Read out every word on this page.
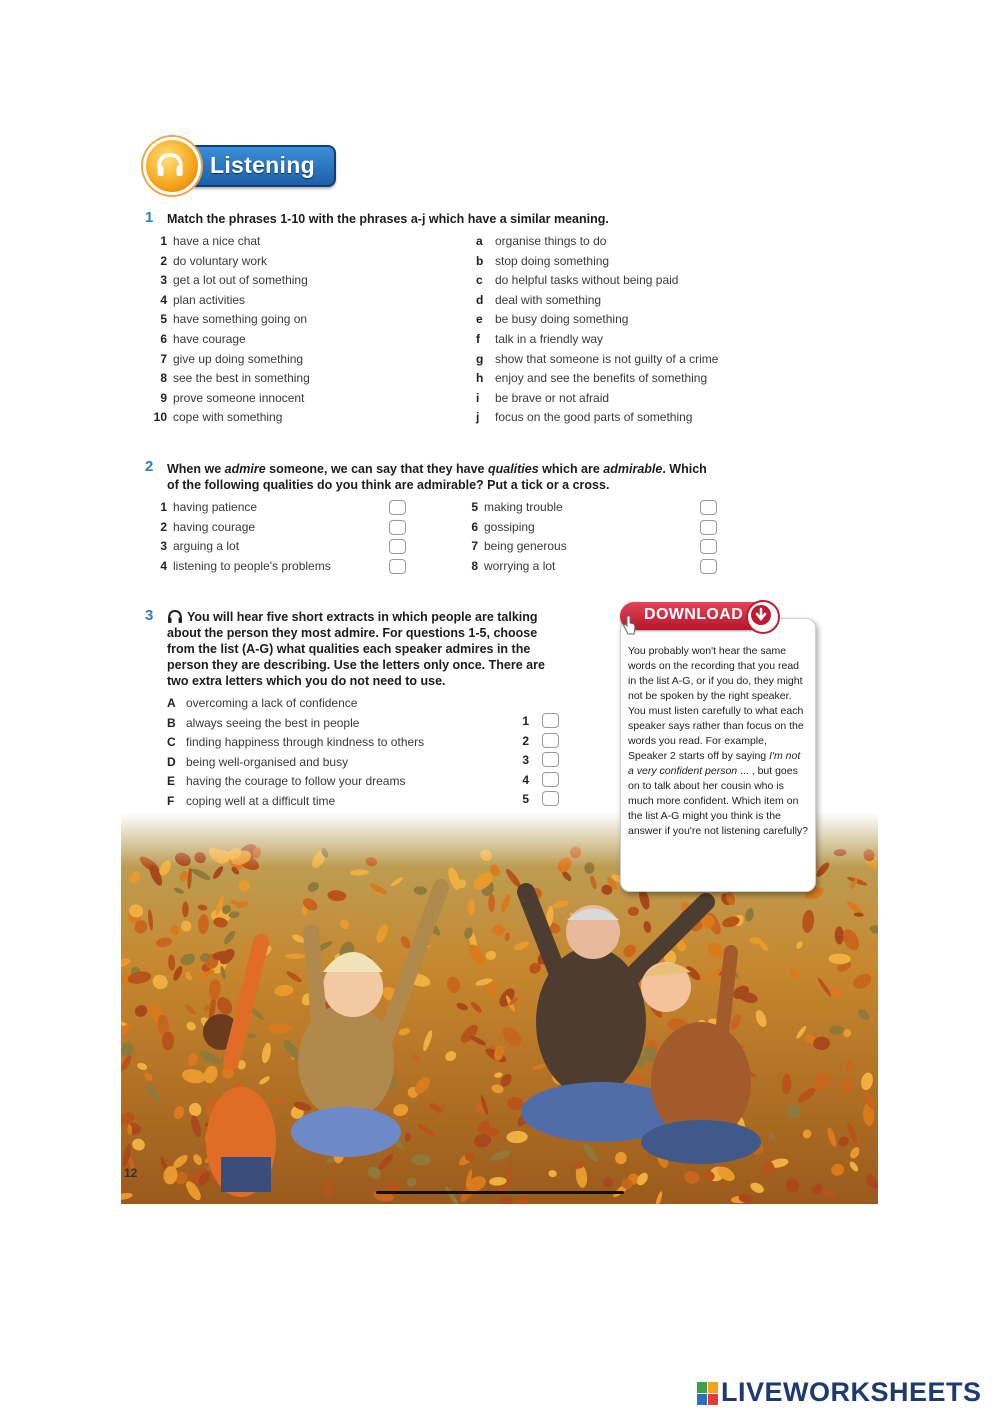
Listening
1 Match the phrases 1-10 with the phrases a-j which have a similar meaning.
1 have a nice chat
2 do voluntary work
3 get a lot out of something
4 plan activities
5 have something going on
6 have courage
7 give up doing something
8 see the best in something
9 prove someone innocent
10 cope with something
a organise things to do
b stop doing something
c do helpful tasks without being paid
d deal with something
e be busy doing something
f talk in a friendly way
g show that someone is not guilty of a crime
h enjoy and see the benefits of something
i be brave or not afraid
j focus on the good parts of something
2 When we admire someone, we can say that they have qualities which are admirable. Which
of the following qualities do you think are admirable? Put a tick or a cross.
1 having patience
2 having courage
3 arguing a lot
4 listening to people's problems
5 making trouble
6 gossiping
7 being generous
8 worrying a lot
3	You will hear five short extracts in which people are talking
about the person they most admire. For questions 1-5, choose
from the list (A-G) what qualities each speaker admires in the
person they are describing. Use the letters only once. There are
two extra letters which you do not need to use.
A overcoming a lack of confidence
B always seeing the best in people
C finding happiness through kindness to others
D being well-organised and busy
E having the courage to follow your dreams
F coping well at a difficult time
1
2
3
4
5
12
You probably won't hear the same words on the recording that you read in the list A-G, or if you do, they might not be spoken by the right speaker. You must listen carefully to what each speaker says rather than focus on the words you read. For example, Speaker 2 starts off by saying I'm not a very confident person ... , but goes on to talk about her cousin who is much more confident. Which item on the list A-G might you think is the answer if you're not listening carefully?
DOWNLOAD
LIVEWORKSHEETS
